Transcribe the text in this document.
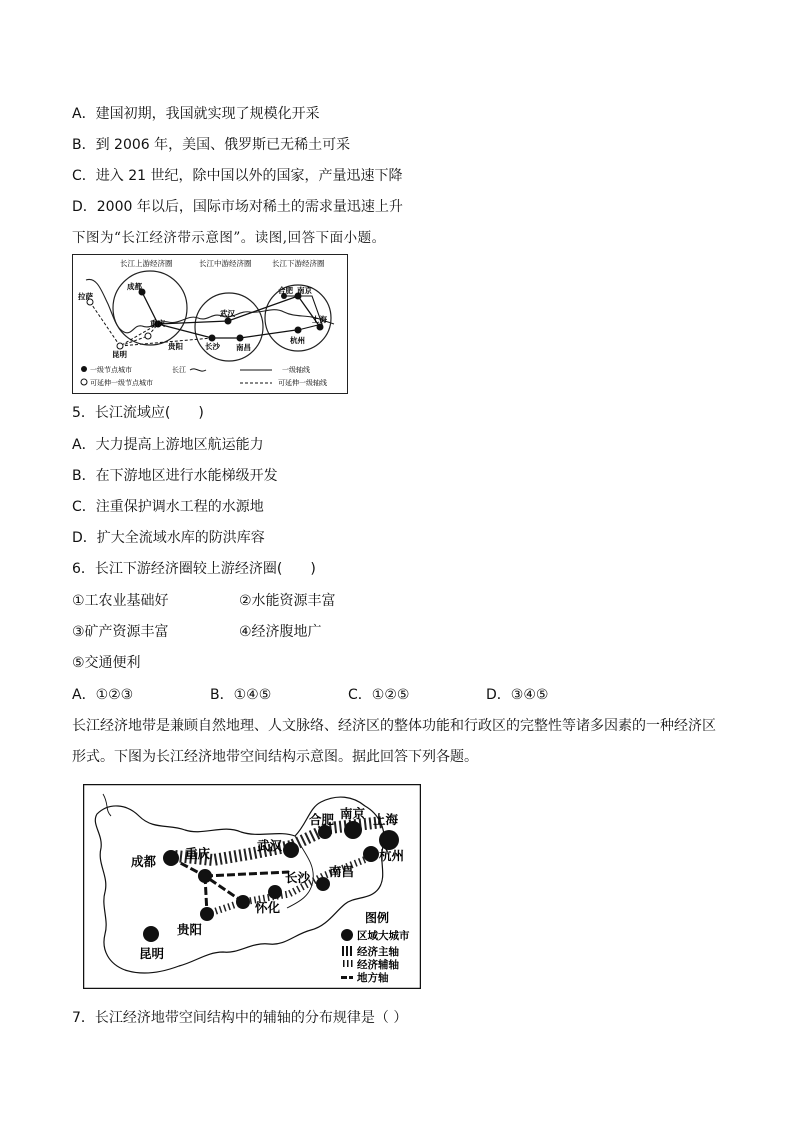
A．建国初期，我国就实现了规模化开采
B．到 2006 年，美国、俄罗斯已无稀土可采
C．进入 21 世纪，除中国以外的国家，产量迅速下降
D．2000 年以后，国际市场对稀土的需求量迅速上升
下图为“长江经济带示意图”。读图,回答下面小题。
长江上游经济圈	长江中游经济圈	长江下游经济圈
成都
拉萨
重庆
昆明
贵阳	长沙
武汉
南昌
合肥 南京
上海
杭州
一级节点城市	长江	一级轴线
可延伸一级节点城市	可延伸一级轴线
5．长江流域应(　　)
A．大力提高上游地区航运能力
B．在下游地区进行水能梯级开发
C．注重保护调水工程的水源地
D．扩大全流域水库的防洪库容
6．长江下游经济圈较上游经济圈(　　)
①工农业基础好	②水能资源丰富
③矿产资源丰富	④经济腹地广
⑤交通便利
A．①②③	B．①④⑤	C．①②⑤	D．③④⑤
长江经济地带是兼顾自然地理、人文脉络、经济区的整体功能和行政区的完整性等诸多因素的一种经济区形式。下图为长江经济地带空间结构示意图。据此回答下列各题。
南京 上海
合肥
武汉
杭州
成都
重庆
长沙 南昌
怀化
贵阳
昆明
图例
区域大城市
经济主轴
经济辅轴
地方轴
7．长江经济地带空间结构中的辅轴的分布规律是（ ）
